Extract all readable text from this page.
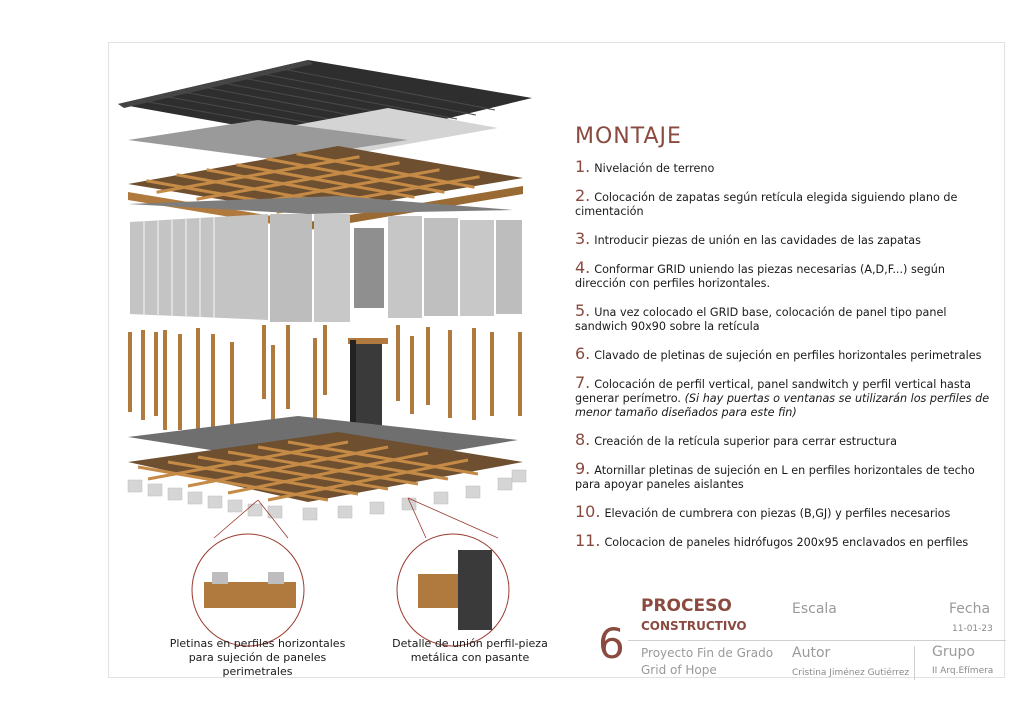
MONTAJE
1. Nivelación de terreno
2. Colocación de zapatas según retícula elegida siguiendo plano de cimentación
3. Introducir piezas de unión en las cavidades de las zapatas
4. Conformar GRID uniendo las piezas necesarias (A,D,F...) según dirección con perfiles horizontales.
5. Una vez colocado el GRID base, colocación de panel tipo panel sandwich 90x90 sobre la retícula
6. Clavado de pletinas de sujeción en perfiles horizontales perimetrales
7. Colocación de perfil vertical, panel sandwitch y perfil vertical hasta generar perímetro. (Si hay puertas o ventanas se utilizarán los perfiles de menor tamaño diseñados para este fin)
8. Creación de la retícula superior para cerrar estructura
9. Atornillar pletinas de sujeción en L en perfiles horizontales de techo para apoyar paneles aislantes
10. Elevación de cumbrera con piezas (B,GJ) y perfiles necesarios
11. Colocacion de paneles hidrófugos 200x95 enclavados en perfiles
Pletinas en perfiles horizontales para sujeción de paneles perimetrales
Detalle de unión perfil-pieza metálica con pasante	6
PROCESO
CONSTRUCTIVO
Proyecto Fin de Grado
Grid of Hope
Escala	Fecha
11-01-23
Autor
Cristina Jiménez Gutiérrez
Grupo
II Arq.Efímera
